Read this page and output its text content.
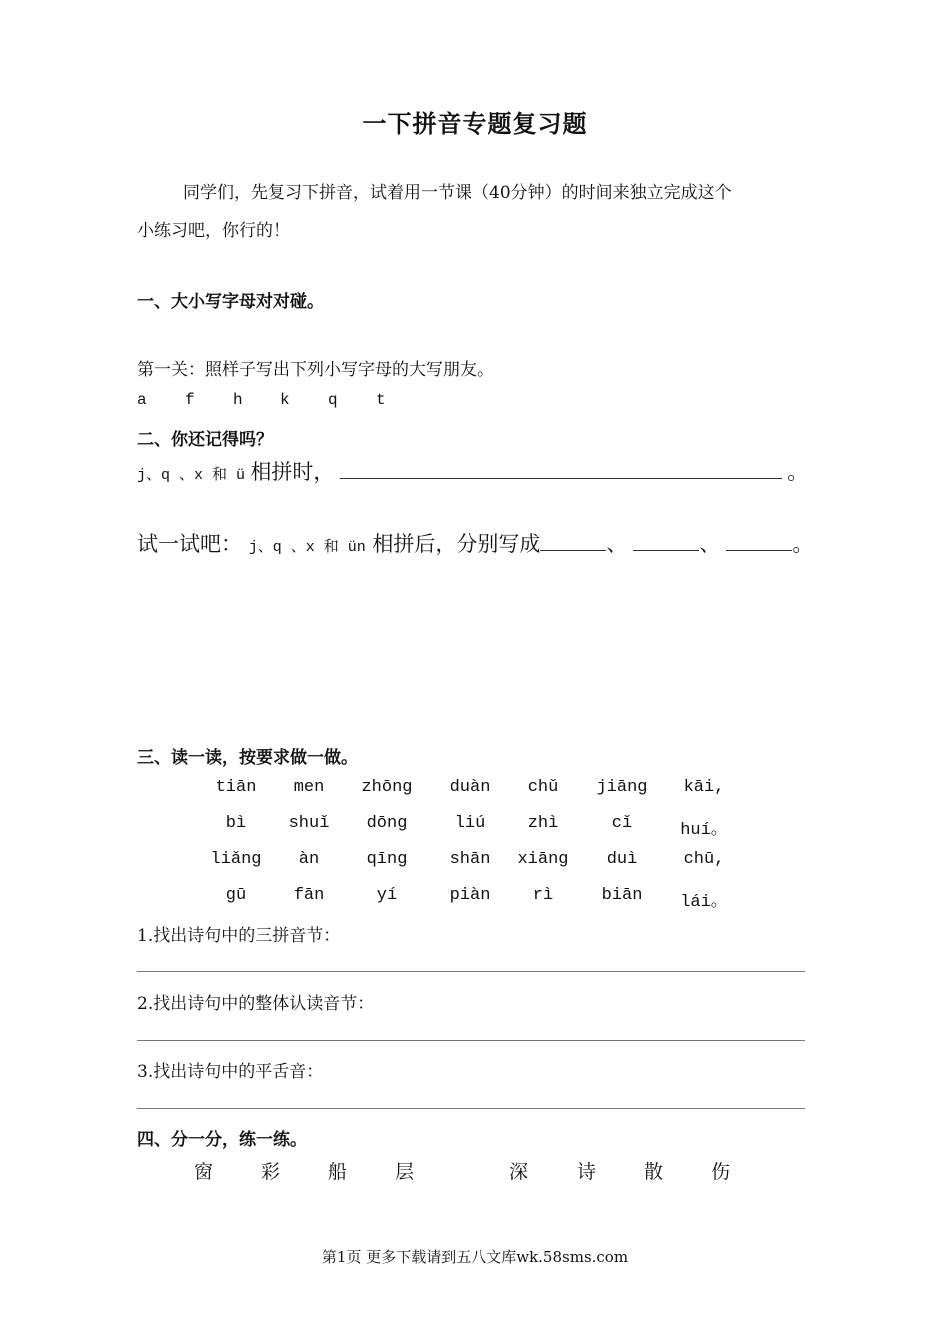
一下拼音专题复习题
同学们，先复习下拼音，试着用一节课（40分钟）的时间来独立完成这个
小练习吧，你行的！
一、大小写字母对对碰。
第一关：照样子写出下列小写字母的大写朋友。
a f h k q t
二、你还记得吗？
j、q 、x 和 ü 相拼时，	。
试一试吧： j、q 、x 和 ün 相拼后，分别写成	、	、	。
三、读一读，按要求做一做。
tiān	men	zhōng	duàn	chǔ	jiāng	kāi,
bì	shuǐ	dōng	liú	zhì	cǐ	huí。
liǎng	àn	qīng	shān	xiāng	duì	chū,
gū	fān	yí	piàn	rì	biān	lái。
1.找出诗句中的三拼音节：
2.找出诗句中的整体认读音节：
3.找出诗句中的平舌音：
四、分一分，练一练。
窗	彩	船	层	深	诗	散	伤
第1页 更多下载请到五八文库wk.58sms.com
